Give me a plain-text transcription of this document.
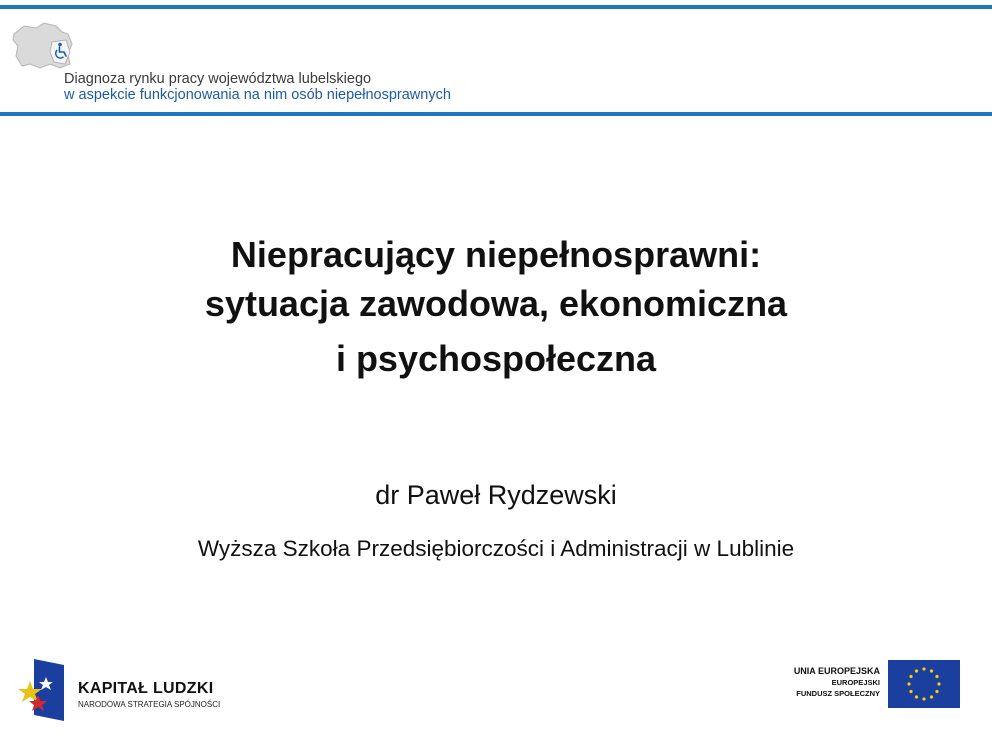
Diagnoza rynku pracy województwa lubelskiego
w aspekcie funkcjonowania na nim osób niepełnosprawnych
Niepracujący niepełnosprawni:
sytuacja zawodowa, ekonomiczna
i psychospołeczna
dr Paweł Rydzewski
Wyższa Szkoła Przedsiębiorczości i Administracji w Lublinie
KAPITAŁ LUDZKI
NARODOWA STRATEGIA SPÓJNOŚCI
UNIA EUROPEJSKA
EUROPEJSKI
FUNDUSZ SPOŁECZNY
